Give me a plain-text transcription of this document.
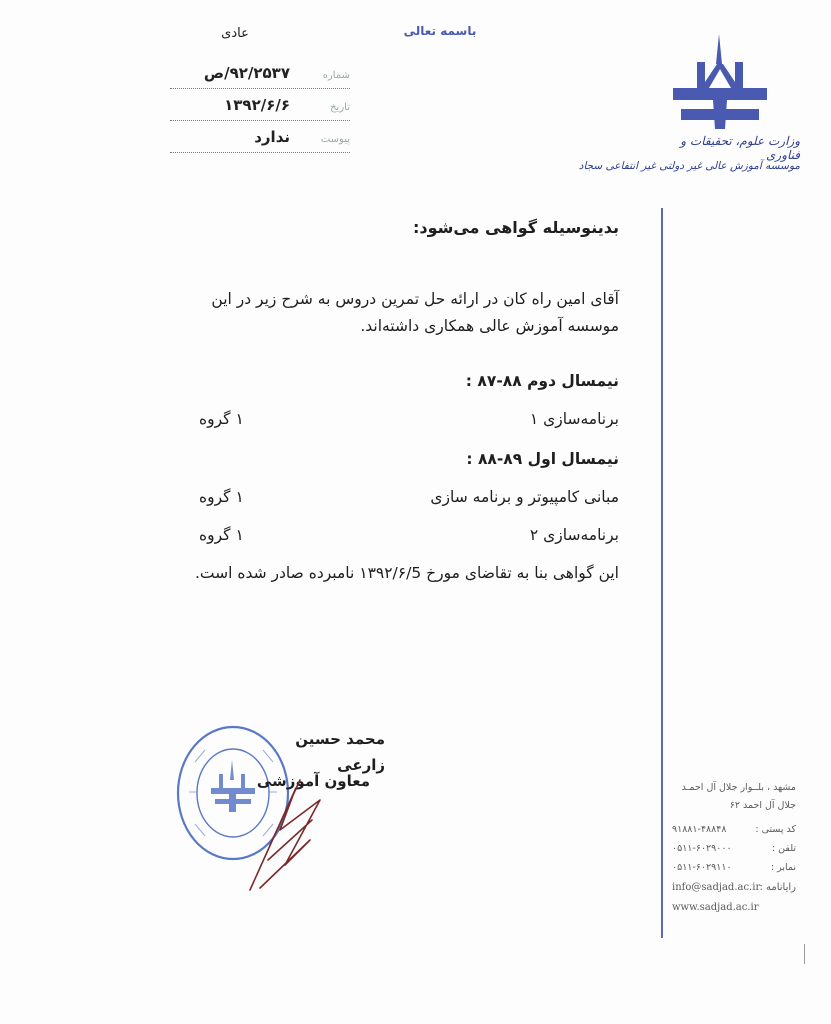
باسمه تعالی
عادی
شماره
۹۲/۲۵۳۷/ص
تاریخ
۱۳۹۲/۶/۶
پیوست
ندارد	وزارت علوم، تحقیقات و فناوری
موسسه آموزش عالی غیر دولتی غیر انتفاعی سجاد
بدینوسیله گواهی می‌شود:
آقای امین راه کان در ارائه حل تمرین دروس به شرح زیر در این موسسه آموزش عالی همکاری داشته‌اند.
نیمسال دوم ۸۸-۸۷ :
برنامه‌سازی ۱
۱ گروه
نیمسال اول ۸۹-۸۸ :
مبانی کامپیوتر و برنامه سازی
۱ گروه
برنامه‌سازی ۲
۱ گروه
این گواهی بنا به تقاضای مورخ ۱۳۹۲/۶/5 نامبرده صادر شده است.
محمد حسین زارعی
معاون آموزشی	مشهد ، بلــوار جلال آل احمـد
جلال آل احمد ۶۲
کد پستی :
۹۱۸۸۱-۴۸۸۴۸
تلفن :
۰۵۱۱-۶۰۲۹۰۰۰
نمابر :
۰۵۱۱-۶۰۲۹۱۱۰
رایانامه :
info@sadjad.ac.ir
www.sadjad.ac.ir
